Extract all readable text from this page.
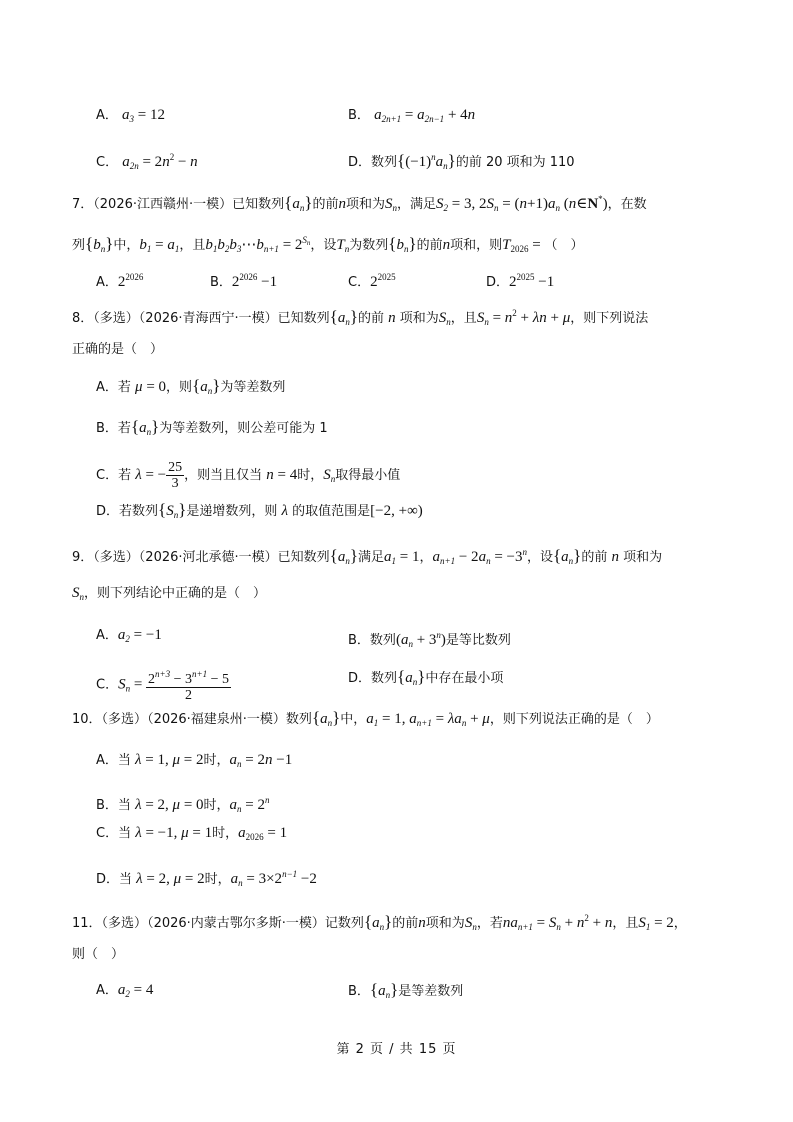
A． $a_3 = 12$	B． $a_{2n+1} = a_{2n-1} + 4n$
C． $a_{2n} = 2n^2 - n$	D．数列$\{(-1)^na_n\}$的前 20 项和为 110
7．（2026·江西赣州·一模）已知数列$\{a_n\}$的前n项和为$S_n$，满足$S_2 = 3$, $2S_n = (n+1)a_n$ (n∈N*)，在数
列$\{b_n\}$中，$b_1 = a_1$，且$b_1b_2b_3\cdots b_{n+1} = 2^{S_n}$，设$T_n$为数列$\{b_n\}$的前n项和，则$T_{2026}$ = （　）
A．$2^{2026}$	B．$2^{2026} -1$	C．$2^{2025}$	D．$2^{2025} -1$
8．（多选）（2026·青海西宁·一模）已知数列$\{a_n\}$的前 n 项和为$S_n$，且$S_n = n^2 + \lambda n + \mu$，则下列说法
正确的是（　）
A．若 μ = 0，则$\{a_n\}$为等差数列
B．若$\{a_n\}$为等差数列，则公差可能为 1
C．若 λ = − $\frac{25}{3}$ ，则当且仅当 n = 4时，$S_n$取得最小值
D．若数列$\{S_n\}$是递增数列，则 λ 的取值范围是[−2, +∞)
9．（多选）（2026·河北承德·一模）已知数列$\{a_n\}$满足$a_1 = 1$，$a_{n+1} - 2a_n = -3^n$，设$\{a_n\}$的前 n 项和为
$S_n$，则下列结论中正确的是（　）
A．$a_2 = -1$	B．数列$(a_n + 3^n)$是等比数列
C．$S_n = \frac{2^{n+3} - 3^{n+1} - 5}{2}$	D．数列$\{a_n\}$中存在最小项
10．（多选）（2026·福建泉州·一模）数列$\{a_n\}$中，$a_1 = 1$, $a_{n+1} = \lambda a_n + \mu$，则下列说法正确的是（　）
A．当 λ = 1, μ = 2时，$a_n = 2n -1$
B．当 λ = 2, μ = 0时，$a_n = 2^n$
C．当 λ = −1, μ = 1时，$a_{2026} = 1$
D．当 λ = 2, μ = 2时，$a_n = 3\times 2^{n-1} -2$
11．（多选）（2026·内蒙古鄂尔多斯·一模）记数列$\{a_n\}$的前n项和为$S_n$，若$na_{n+1} = S_n + n^2 + n$，且$S_1 = 2$，
则（　）
A．$a_2 = 4$	B．$\{a_n\}$是等差数列
第 2 页 / 共 15 页
